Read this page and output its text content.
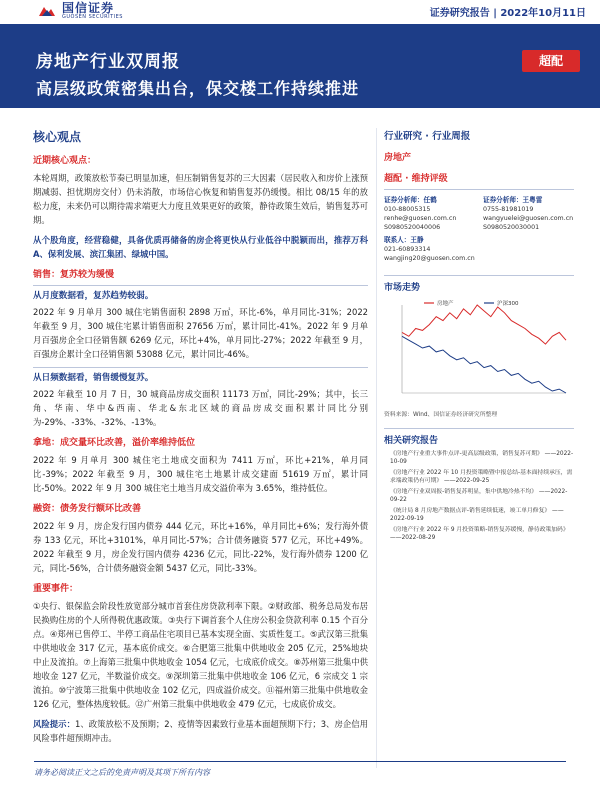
国信证券
GUOSEN SECURITIES	证券研究报告 | 2022年10月11日
房地产行业双周报
高层级政策密集出台，保交楼工作持续推进
超配
核心观点
近期核心观点：

本轮周期，政策放松节奏已明显加速，但压制销售复苏的三大因素（居民收入和房价上涨预期减弱、担忧期房交付）仍未消散，市场信心恢复和销售复苏仍缓慢。相比 08/15 年的放松力度，未来仍可以期待需求端更大力度且效果更好的政策，静待政策生效后，销售复苏可期。

从个股角度，经营稳健，具备优质再储备的房企将更快从行业低谷中脱颖而出，推荐万科 A、保利发展、滨江集团、绿城中国。

销售：复苏较为缓慢
从月度数据看，复苏趋势较弱。

2022 年 9 月单月 300 城住宅销售面积 2898 万㎡，环比-6%，单月同比-31%；2022 年截至 9 月，300 城住宅累计销售面积 27656 万㎡，累计同比-41%。2022 年 9 月单月百强房企全口径销售额 6269 亿元，环比+4%，单月同比-27%；2022 年截至 9 月，百强房企累计全口径销售额 53088 亿元，累计同比-46%。

从日频数据看，销售缓慢复苏。

2022 年截至 10 月 7 日，30 城商品房成交面积 11173 万㎡，同比-29%；其中，长三角、华南、华中&西南、华北&东北区域的商品房成交面积累计同比分别为-29%、-33%、-32%、-13%。

拿地：成交量环比改善，溢价率维持低位

2022 年 9 月单月 300 城住宅土地成交面积为 7411 万㎡，环比+21%，单月同比-39%；2022 年截至 9 月，300 城住宅土地累计成交建面 51619 万㎡，累计同比-50%。2022 年 9 月 300 城住宅土地当月成交溢价率为 3.65%，维持低位。

融资：债务发行额环比改善

2022 年 9 月，房企发行国内债券 444 亿元，环比+16%，单月同比+6%；发行海外债券 133 亿元，环比+3101%，单月同比-57%；合计债务融资 577 亿元，环比+49%。2022 年截至 9 月，房企发行国内债券 4236 亿元，同比-22%，发行海外债券 1200 亿元，同比-56%，合计债务融资金额 5437 亿元，同比-33%。

重要事件：

①央行、银保监会阶段性放宽部分城市首套住房贷款利率下限。②财政部、税务总局发布居民换购住房的个人所得税优惠政策。③央行下调首套个人住房公积金贷款利率 0.15 个百分点。④郑州已售停工、半停工商品住宅项目已基本实现全面、实质性复工。⑤武汉第三批集中供地收金 317 亿元，基本底价成交。⑥合肥第三批集中供地收金 205 亿元，25%地块中止及流拍。⑦上海第三批集中供地收金 1054 亿元，七成底价成交。⑧苏州第三批集中供地收金 127 亿元，半数溢价成交。⑨深圳第三批集中供地收金 106 亿元，6 宗成交 1 宗流拍。⑩宁波第三批集中供地收金 102 亿元，四成溢价成交。⑪福州第三批集中供地收金 126 亿元，整体热度较低。⑫广州第三批集中供地收金 479 亿元，七成底价成交。

风险提示：1、政策放松不及预期；2、疫情等因素致行业基本面超预期下行；3、房企信用风险事件超预期冲击。

行业研究 · 行业周报
房地产
超配 · 维持评级
证券分析师：任鹤
010-88005315
renhe@guosen.com.cn
S0980520040006
证券分析师：王粤雷
0755-81981019
wangyuelei@guosen.com.cn
S0980520030001
联系人：王静
021-60893314
wangjing20@guosen.com.cn
市场走势
房地产	沪深300
资料来源：Wind、国信证券经济研究所整理
相关研究报告
《房地产行业重大事件点评-更高层级政策，销售复苏可期》 ——2022-10-09
《房地产行业 2022 年 10 月投资策略暨中报总结-基本面持续承压，需求端政策仍有可期》 ——2022-09-25
《房地产行业双周报-销售复苏明显，集中供地冷热不均》 ——2022-09-22
《统计局 8 月房地产数据点评-销售延续低迷，竣工单月修复》 ——2022-09-19
《房地产行业 2022 年 9 月投资策略-销售复苏缓慢，静待政策加码》 ——2022-08-29
请务必阅读正文之后的免责声明及其项下所有内容
